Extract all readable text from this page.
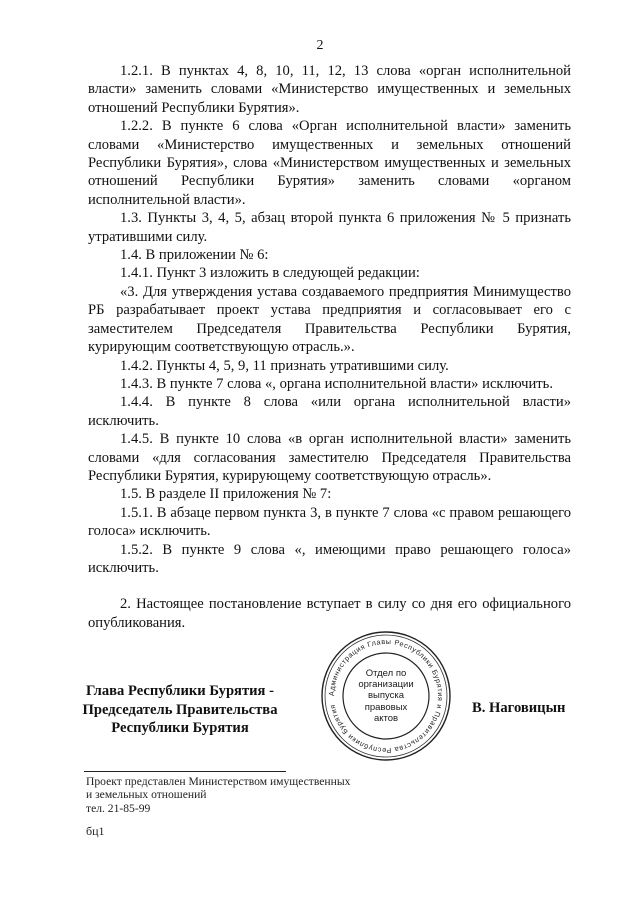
2

1.2.1. В пунктах 4, 8, 10, 11, 12, 13 слова «орган исполнительной власти» заменить словами «Министерство имущественных и земельных отношений Республики Бурятия».

1.2.2. В пункте 6 слова «Орган исполнительной власти» заменить словами «Министерство имущественных и земельных отношений Республики Бурятия», слова «Министерством имущественных и земельных отношений Республики Бурятия» заменить словами «органом исполнительной власти».

1.3. Пункты 3, 4, 5, абзац второй пункта 6 приложения № 5 признать утратившими силу.

1.4. В приложении № 6:

1.4.1. Пункт 3 изложить в следующей редакции:

«3. Для утверждения устава создаваемого предприятия Минимущество РБ разрабатывает проект устава предприятия и согласовывает его с заместителем Председателя Правительства Республики Бурятия, курирующим соответствующую отрасль.».

1.4.2. Пункты 4, 5, 9, 11 признать утратившими силу.

1.4.3. В пункте 7 слова «, органа исполнительной власти» исключить.

1.4.4. В пункте 8 слова «или органа исполнительной власти» исключить.

1.4.5. В пункте 10 слова «в орган исполнительной власти» заменить словами «для согласования заместителю Председателя Правительства Республики Бурятия, курирующему соответствующую отрасль».

1.5. В разделе II приложения № 7:

1.5.1. В абзаце первом пункта 3, в пункте 7 слова «с правом решающего голоса» исключить.

1.5.2. В пункте 9 слова «, имеющими право решающего голоса» исключить.

2. Настоящее постановление вступает в силу со дня его официального опубликования.

Глава Республики Бурятия -
Председатель Правительства
Республики Бурятия
Администрация Главы Республики Бурятия и Правительства Республики Бурятия
Отдел по
организации
выпуска
правовых
актов
В. Наговицын
Проект представлен Министерством имущественных
и земельных отношений
тел. 21-85-99
бц1
